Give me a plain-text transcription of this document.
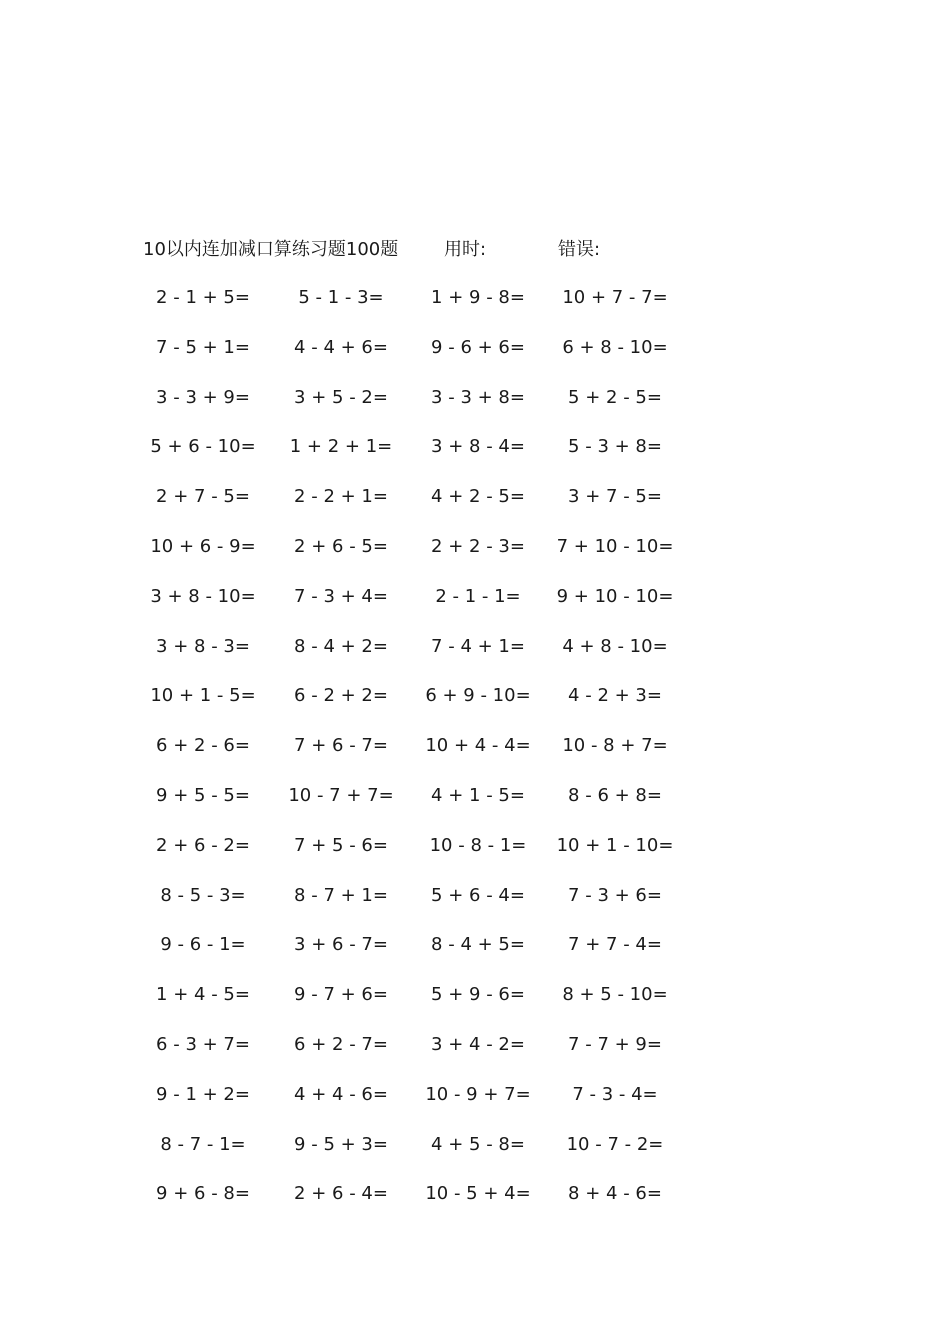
10以内连加减口算练习题100题	用时:	错误:
2 - 1 + 5=	5 - 1 - 3=	1 + 9 - 8=	10 + 7 - 7=
7 - 5 + 1=	4 - 4 + 6=	9 - 6 + 6=	6 + 8 - 10=
3 - 3 + 9=	3 + 5 - 2=	3 - 3 + 8=	5 + 2 - 5=
5 + 6 - 10=	1 + 2 + 1=	3 + 8 - 4=	5 - 3 + 8=
2 + 7 - 5=	2 - 2 + 1=	4 + 2 - 5=	3 + 7 - 5=
10 + 6 - 9=	2 + 6 - 5=	2 + 2 - 3=	7 + 10 - 10=
3 + 8 - 10=	7 - 3 + 4=	2 - 1 - 1=	9 + 10 - 10=
3 + 8 - 3=	8 - 4 + 2=	7 - 4 + 1=	4 + 8 - 10=
10 + 1 - 5=	6 - 2 + 2=	6 + 9 - 10=	4 - 2 + 3=
6 + 2 - 6=	7 + 6 - 7=	10 + 4 - 4=	10 - 8 + 7=
9 + 5 - 5=	10 - 7 + 7=	4 + 1 - 5=	8 - 6 + 8=
2 + 6 - 2=	7 + 5 - 6=	10 - 8 - 1=	10 + 1 - 10=
8 - 5 - 3=	8 - 7 + 1=	5 + 6 - 4=	7 - 3 + 6=
9 - 6 - 1=	3 + 6 - 7=	8 - 4 + 5=	7 + 7 - 4=
1 + 4 - 5=	9 - 7 + 6=	5 + 9 - 6=	8 + 5 - 10=
6 - 3 + 7=	6 + 2 - 7=	3 + 4 - 2=	7 - 7 + 9=
9 - 1 + 2=	4 + 4 - 6=	10 - 9 + 7=	7 - 3 - 4=
8 - 7 - 1=	9 - 5 + 3=	4 + 5 - 8=	10 - 7 - 2=
9 + 6 - 8=	2 + 6 - 4=	10 - 5 + 4=	8 + 4 - 6=
